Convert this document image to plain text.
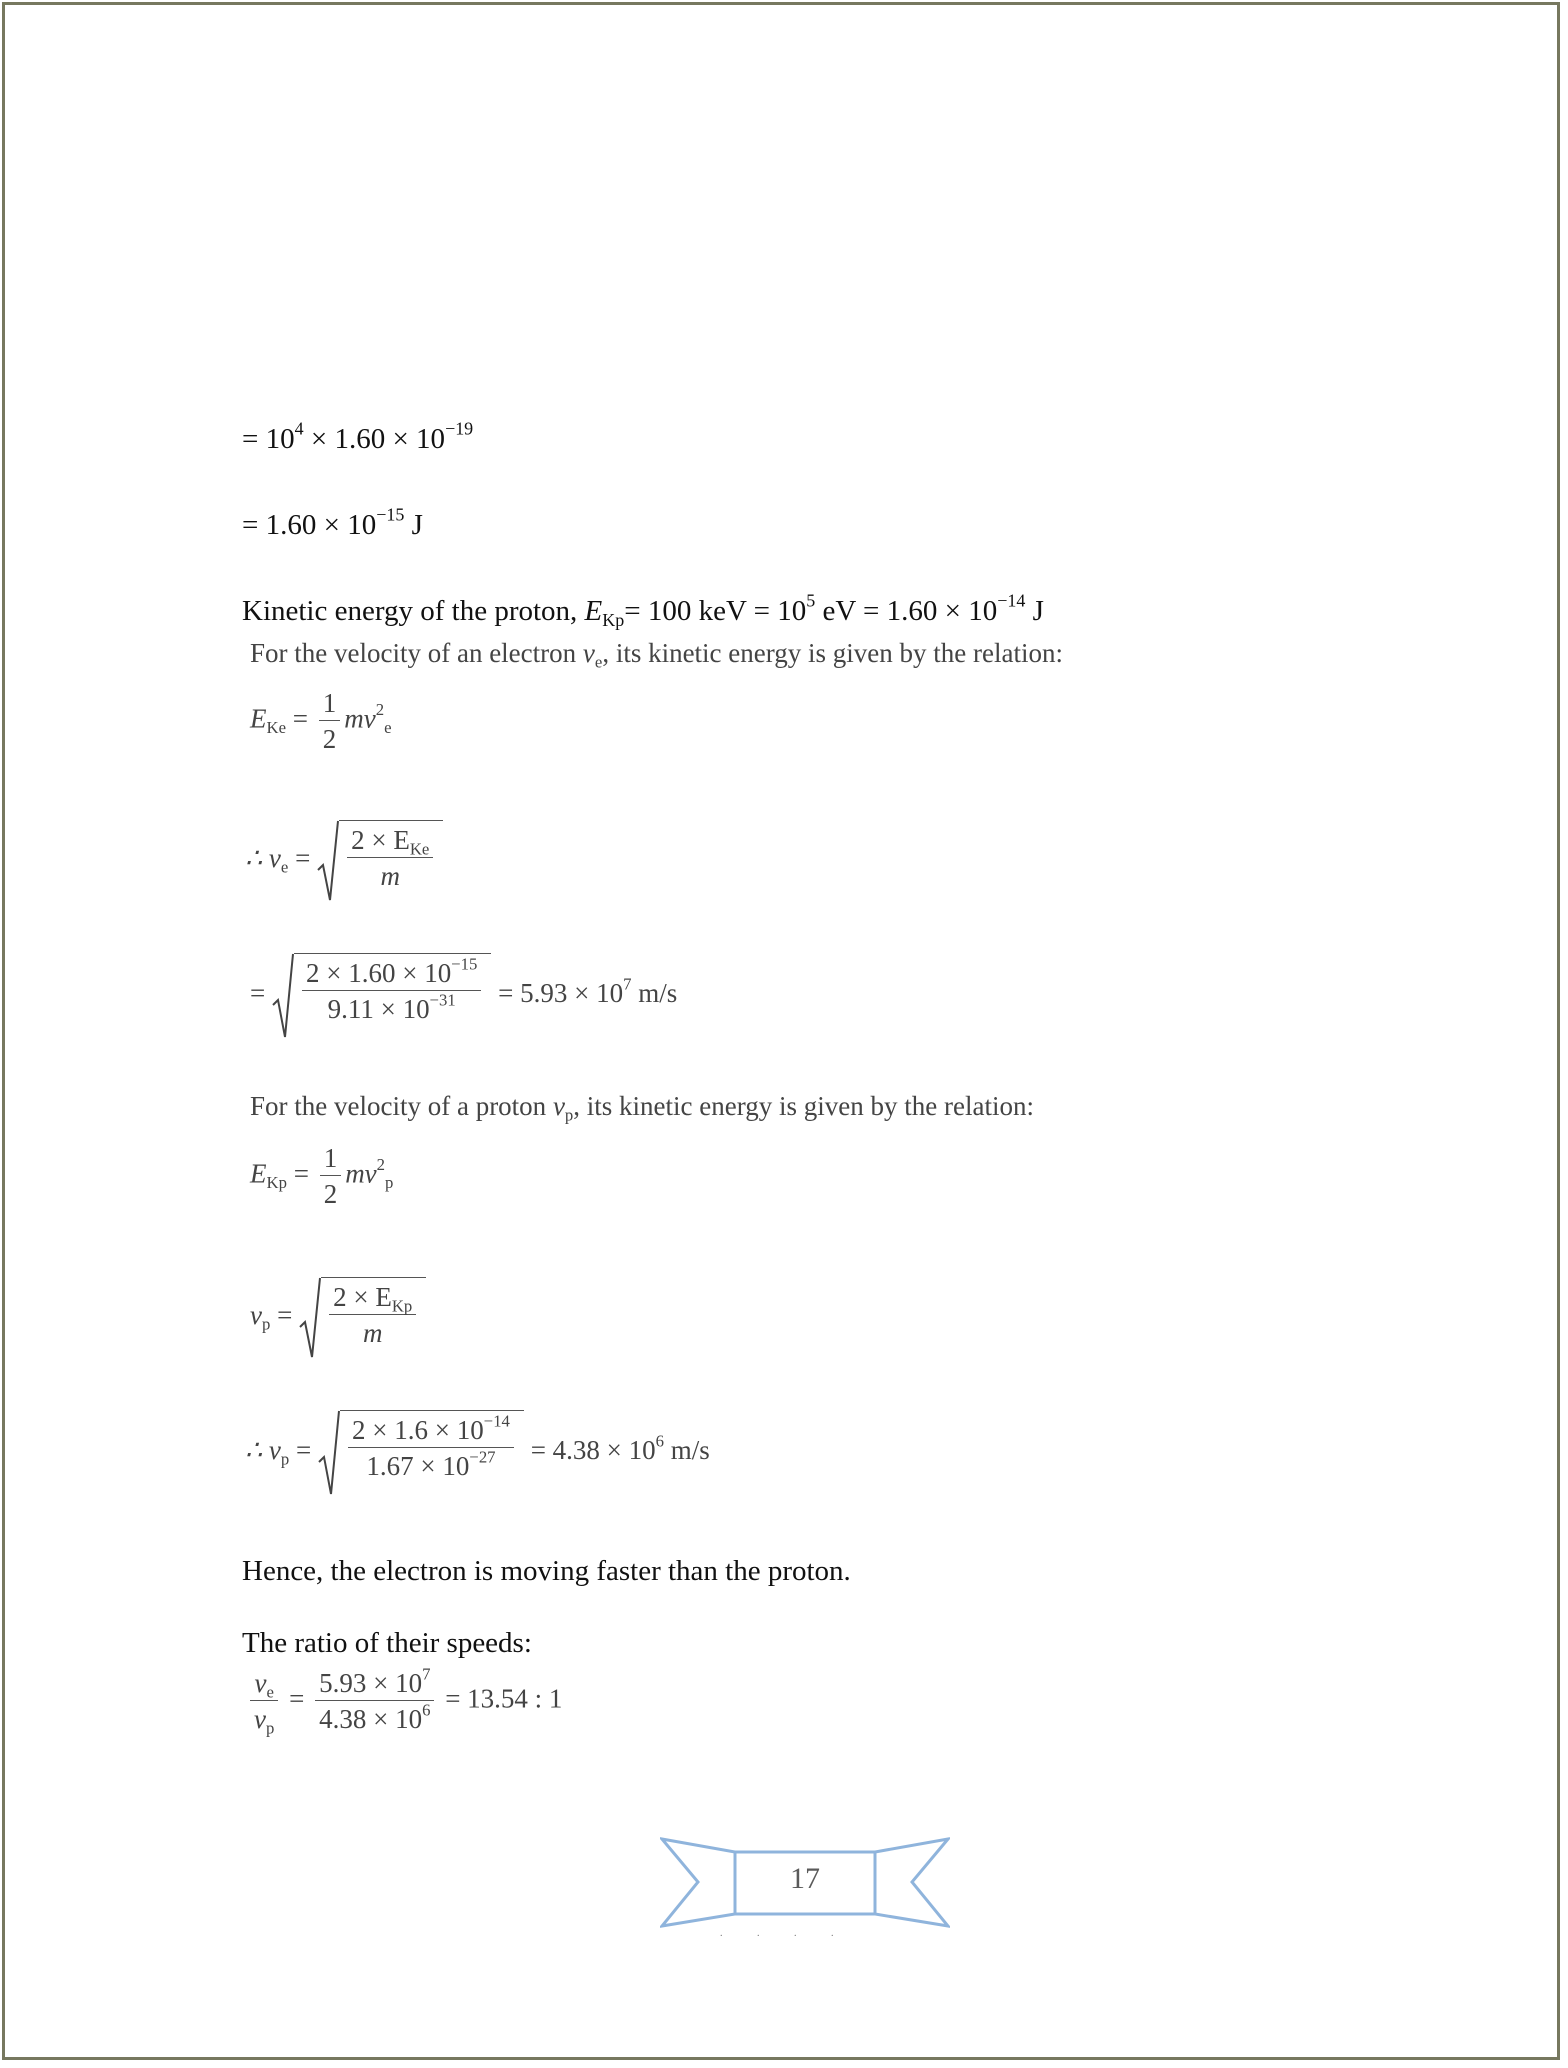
= $10^4 \times 1.60 \times 10^{-19}$
= $1.60 \times 10^{-15}$ J
Kinetic energy of the proton, $E_{Kp}= 100$ keV = $10^5$ eV = $1.60 \times 10^{-14}$ J
For the velocity of an electron $v_e$, its kinetic energy is given by the relation:
$E_{Ke} = \frac{1}{2} mv^2_e$
∴ $v_e = \frac{2 \times E_{Ke}}{m}$
= $\frac{2 \times 1.60 \times 10^{-15}}{9.11 \times 10^{-31}} = 5.93 \times 10^7$ m/s
For the velocity of a proton $v_p$, its kinetic energy is given by the relation:
$E_{Kp} = \frac{1}{2} mv^2_p$
$v_p = \frac{2 \times E_{Kp}}{m}$
∴ $v_p = \frac{2 \times 1.6 \times 10^{-14}}{1.67 \times 10^{-27}} = 4.38 \times 10^6$ m/s
Hence, the electron is moving faster than the proton.
The ratio of their speeds:
$\frac{v_e}{v_p} = \frac{5.93 \times 10^7}{4.38 \times 10^6} = 13.54$ : 1
17
. . . .
